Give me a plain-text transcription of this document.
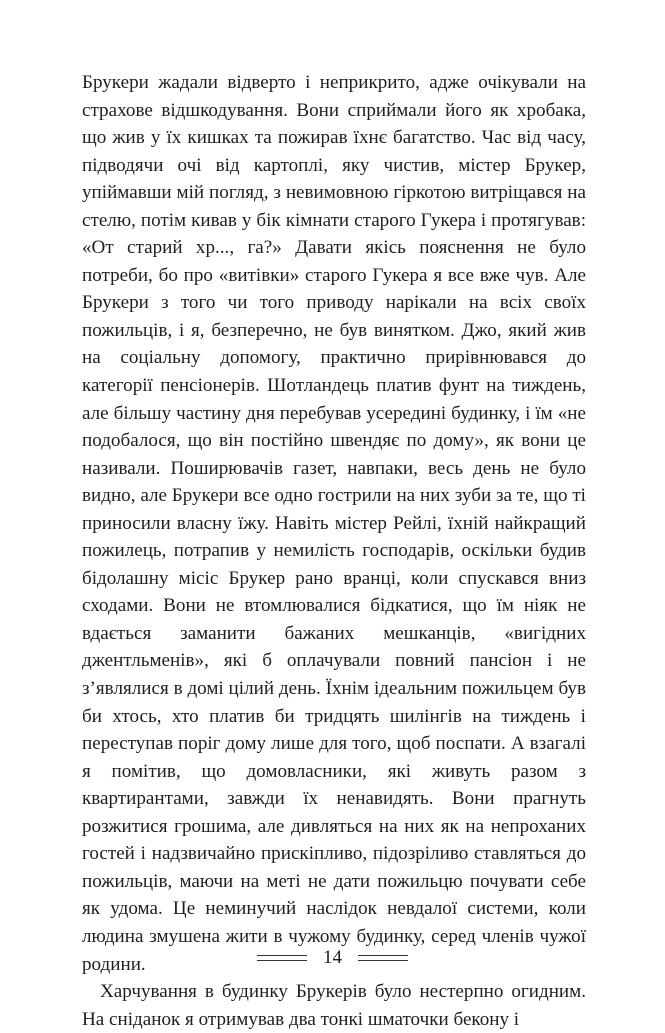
Брукери жадали відверто і неприкрито, адже очікували на страхове відшкодування. Вони сприймали його як хробака, що жив у їх кишках та пожирав їхнє багатство. Час від часу, підводячи очі від картоплі, яку чистив, містер Брукер, упіймавши мій погляд, з невимовною гіркотою витріщався на стелю, потім кивав у бік кімнати старого Гукера і протягував: «От старий хр..., га?» Давати якісь пояснення не було потреби, бо про «витівки» старого Гукера я все вже чув. Але Брукери з того чи того приводу нарікали на всіх своїх пожильців, і я, безперечно, не був винятком. Джо, який жив на соціальну допомогу, практично прирівнювався до категорії пенсіонерів. Шотландець платив фунт на тиждень, але більшу частину дня перебував усередині будинку, і їм «не подобалося, що він постійно швендяє по дому», як вони це називали. Поширювачів газет, навпаки, весь день не було видно, але Брукери все одно гострили на них зуби за те, що ті приносили власну їжу. Навіть містер Рейлі, їхній найкращий пожилець, потрапив у немилість господарів, оскільки будив бідолашну місіс Брукер рано вранці, коли спускався вниз сходами. Вони не втомлювалися бідкатися, що їм ніяк не вдається заманити бажаних мешканців, «вигідних джентльменів», які б оплачували повний пансіон і не з’являлися в домі цілий день. Їхнім ідеальним пожильцем був би хтось, хто платив би тридцять шилінгів на тиждень і переступав поріг дому лише для того, щоб поспати. А взагалі я помітив, що домовласники, які живуть разом з квартирантами, завжди їх ненавидять. Вони прагнуть розжитися грошима, але дивляться на них як на непроханих гостей і надзвичайно прискіпливо, підозріливо ставляться до пожильців, маючи на меті не дати пожильцю почувати себе як удома. Це неминучий наслідок невдалої системи, коли людина змушена жити в чужому будинку, серед членів чужої родини.

Харчування в будинку Брукерів було нестерпно огидним. На сніданок я отримував два тонкі шматочки бекону і

14
